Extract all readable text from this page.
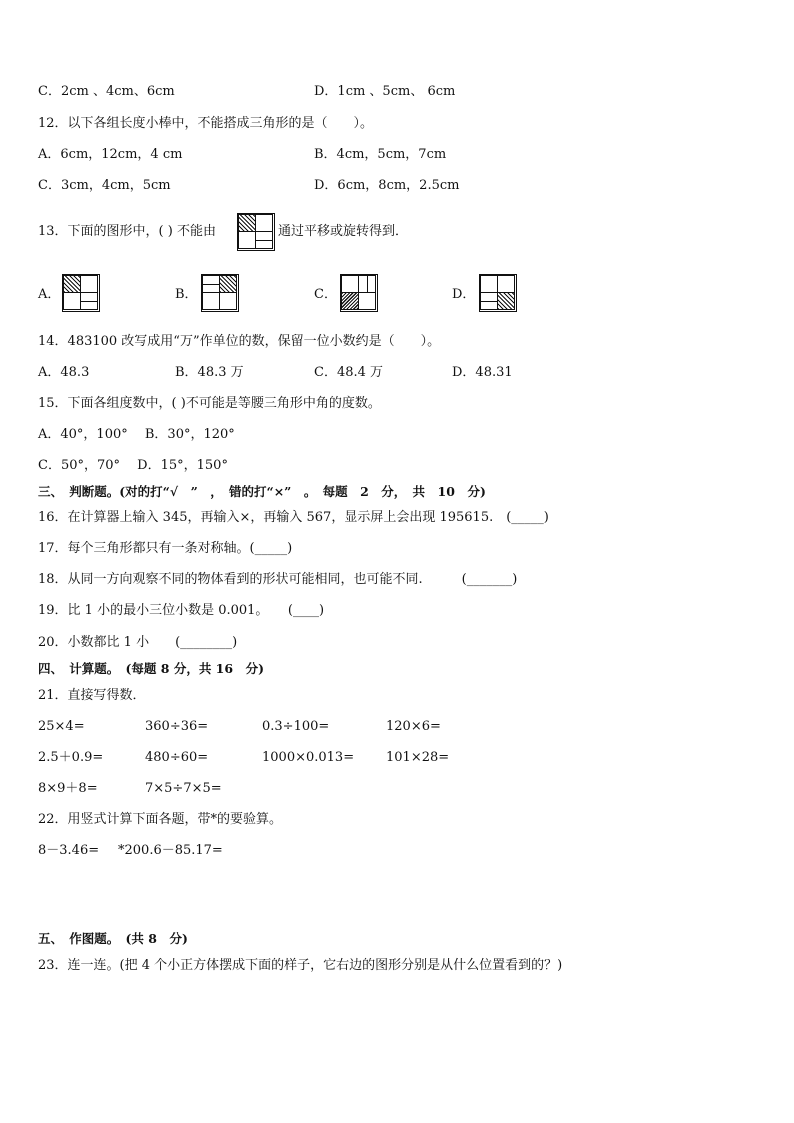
C．2cm 、4cm、6cm	D．1cm 、5cm、 6cm
12．以下各组长度小棒中，不能搭成三角形的是（　　）。
A．6cm，12cm，4 cm	B．4cm，5cm，7cm
C．3cm，4cm，5cm	D．6cm，8cm，2.5cm
13．下面的图形中，( ) 不能由	通过平移或旋转得到．
A．	B．	C．	D．
14．483100 改写成用“万”作单位的数，保留一位小数约是（　　）。
A．48.3	B．48.3 万	C．48.4 万	D．48.31
15．下面各组度数中，( )不可能是等腰三角形中角的度数。
A．40°，100°　 B．30°，120°
C．50°，70°　 D．15°，150°
三、　判断题。(对的打“√　”　，　错的打“×”　。　每题　2　分，　共　10　分)
16．在计算器上输入 345，再输入×，再输入 567，显示屏上会出现 195615.　(_____)
17．每个三角形都只有一条对称轴。(_____)
18．从同一方向观察不同的物体看到的形状可能相同，也可能不同.　　　(_______)
19．比 1 小的最小三位小数是 0.001。　　(____)
20．小数都比 1 小　　(________)
四、　计算题。　(每题 8 分，共 16　分)
21．直接写得数．
25×4=	360÷36=	0.3÷100=	120×6=
2.5＋0.9=	480÷60=	1000×0.013= 101×28=
8×9＋8=	7×5÷7×5=
22．用竖式计算下面各题，带*的要验算。
8－3.46= *200.6－85.17=
五、　作图题。　(共 8　分)
23．连一连。(把 4 个小正方体摆成下面的样子，它右边的图形分别是从什么位置看到的？)
